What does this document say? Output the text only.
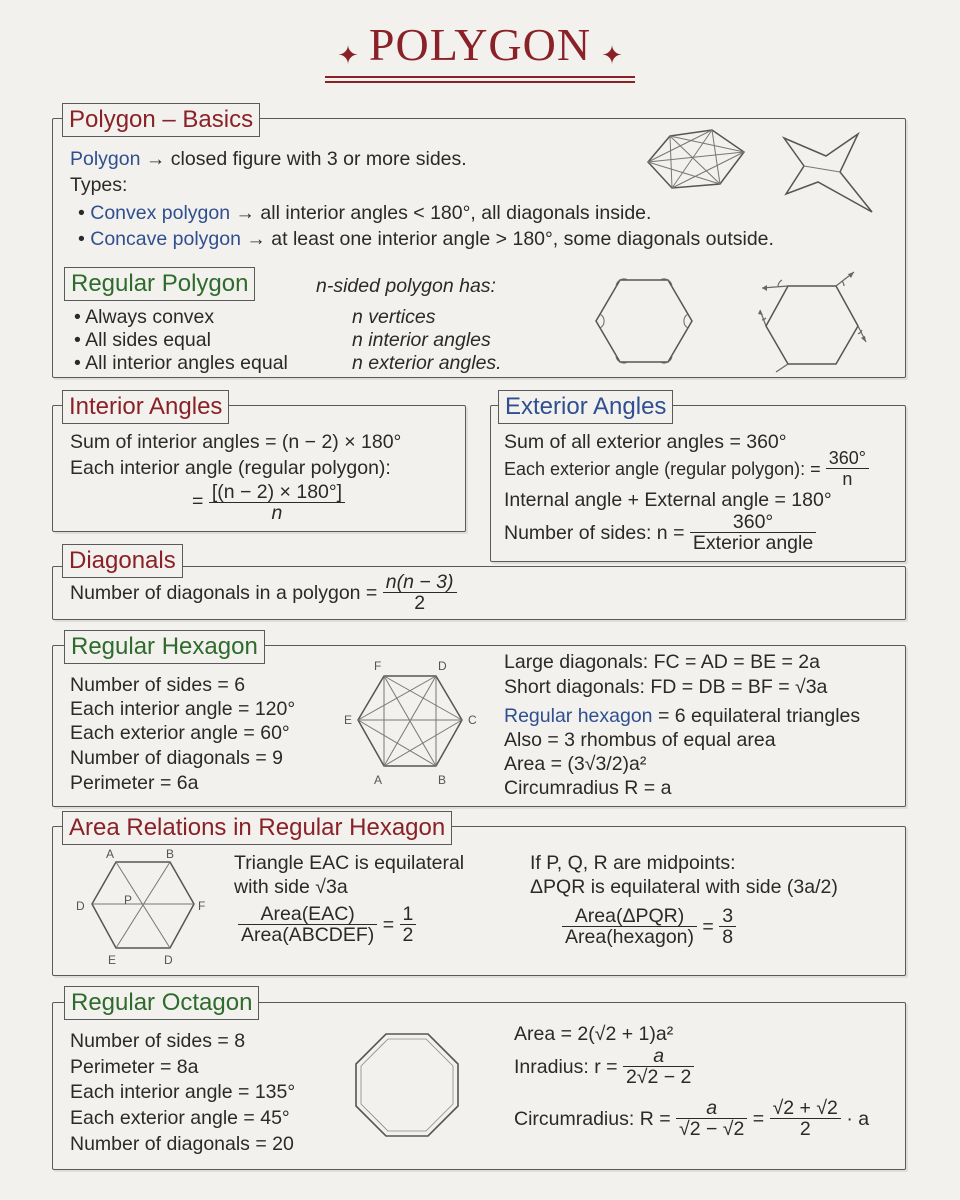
✦ POLYGON ✦
Polygon – Basics
Polygon → closed figure with 3 or more sides.
Types:
• Convex polygon → all interior angles < 180°, all diagonals inside.
• Concave polygon → at least one interior angle > 180°, some diagonals outside.
Regular Polygon
• Always convex
• All sides equal
• All interior angles equal
n-sided polygon has:
n vertices
n interior angles
n exterior angles.
Interior Angles
Sum of interior angles = (n − 2) × 180°
Each interior angle (regular polygon):
= $\frac{[(n - 2) \times 180^\circ]}{n}$
Exterior Angles
Sum of all exterior angles = 360°
Each exterior angle (regular polygon): = $\frac{360^\circ}{n}$
Internal angle + External angle = 180°
Number of sides: $n = \frac{360^\circ}{\text{Exterior angle}}$
Diagonals
Number of diagonals in a polygon = $\frac{n(n - 3)}{2}$
Regular Hexagon
Number of sides = 6
Each interior angle = 120°
Each exterior angle = 60°
Number of diagonals = 9
Perimeter = 6a
F	D
E	C
A	B
Large diagonals: FC = AD = BE = 2a
Short diagonals: FD = DB = BF = √3a
Regular hexagon = 6 equilateral triangles
Also = 3 rhombus of equal area
Area = (3√3/2)a²
Circumradius R = a
Area Relations in Regular Hexagon
A	B
D	P	F
E	D
Triangle EAC is equilateral
with side √3a
$\frac{\text{Area(EAC)}}{\text{Area(ABCDEF)}} = \frac{1}{2}$
If P, Q, R are midpoints:
ΔPQR is equilateral with side (3a/2)
$\frac{\text{Area(ΔPQR)}}{\text{Area(hexagon)}} = \frac{3}{8}$
Regular Octagon
Number of sides = 8
Perimeter = 8a
Each interior angle = 135°
Each exterior angle = 45°
Number of diagonals = 20
Area = 2(√2 + 1)a²
Inradius: $r = \frac{a}{2√2 - 2}$
Circumradius: $R = \frac{a}{√2 - √2} = \frac{√2 + √2}{2} \cdot a$
